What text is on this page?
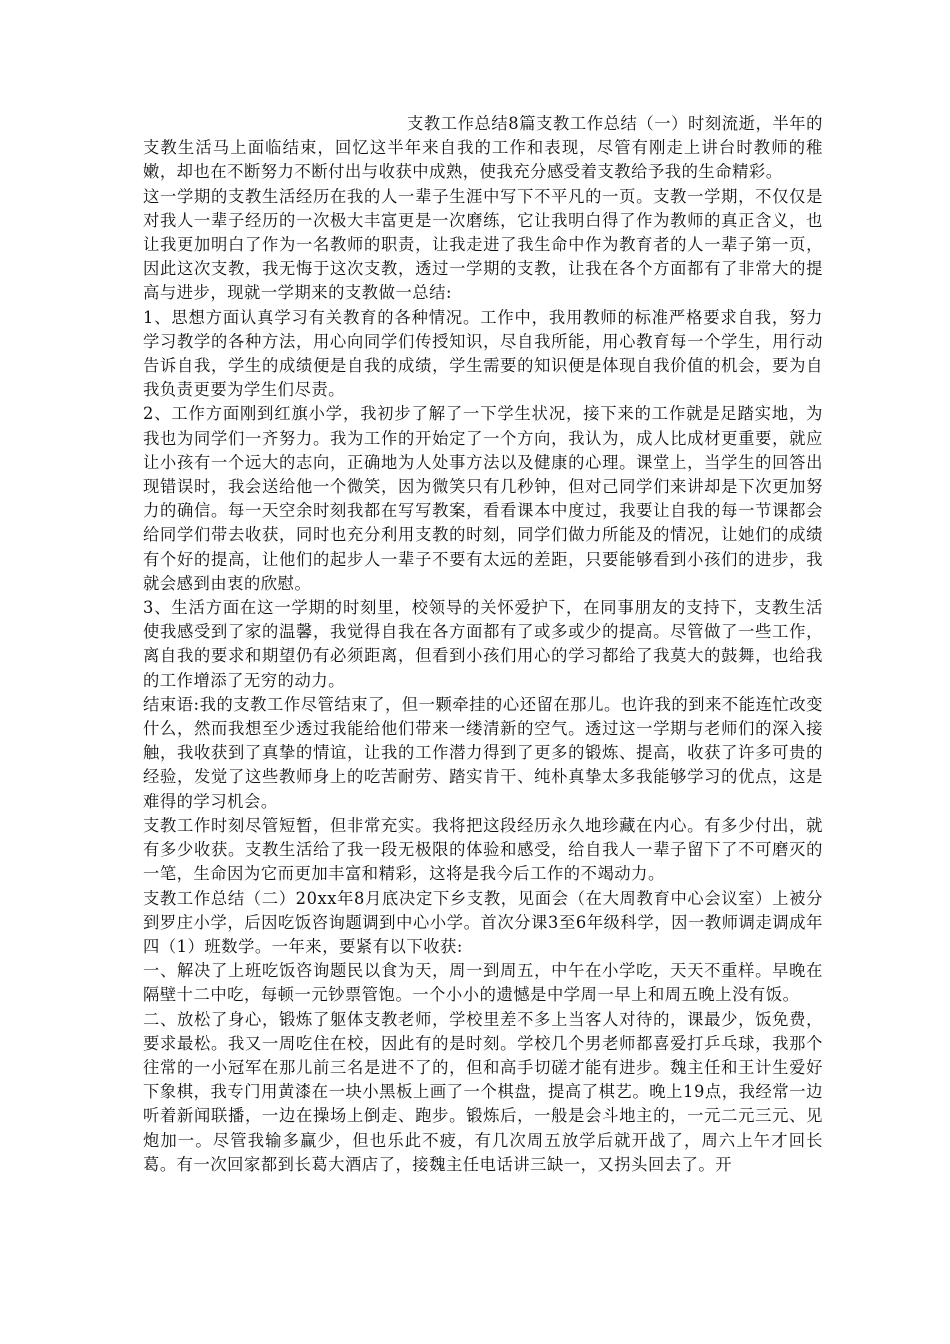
支教工作总结8篇支教工作总结（一）时刻流逝，半年的支教生活马上面临结束，回忆这半年来自我的工作和表现，尽管有刚走上讲台时教师的稚嫩，却也在不断努力不断付出与收获中成熟，使我充分感受着支教给予我的生命精彩。

这一学期的支教生活经历在我的人一辈子生涯中写下不平凡的一页。支教一学期，不仅仅是对我人一辈子经历的一次极大丰富更是一次磨练，它让我明白得了作为教师的真正含义，也让我更加明白了作为一名教师的职责，让我走进了我生命中作为教育者的人一辈子第一页，因此这次支教，我无悔于这次支教，透过一学期的支教，让我在各个方面都有了非常大的提高与进步，现就一学期来的支教做一总结:

1、思想方面认真学习有关教育的各种情况。工作中，我用教师的标准严格要求自我，努力学习教学的各种方法，用心向同学们传授知识，尽自我所能，用心教育每一个学生，用行动告诉自我，学生的成绩便是自我的成绩，学生需要的知识便是体现自我价值的机会，要为自我负责更要为学生们尽责。

2、工作方面刚到红旗小学，我初步了解了一下学生状况，接下来的工作就是足踏实地，为我也为同学们一齐努力。我为工作的开始定了一个方向，我认为，成人比成材更重要，就应让小孩有一个远大的志向，正确地为人处事方法以及健康的心理。课堂上，当学生的回答出现错误时，我会送给他一个微笑，因为微笑只有几秒钟，但对己同学们来讲却是下次更加努力的确信。每一天空余时刻我都在写写教案，看看课本中度过，我要让自我的每一节课都会给同学们带去收获，同时也充分利用支教的时刻，同学们做力所能及的情况，让她们的成绩有个好的提高，让他们的起步人一辈子不要有太远的差距，只要能够看到小孩们的进步，我就会感到由衷的欣慰。

3、生活方面在这一学期的时刻里，校领导的关怀爱护下，在同事朋友的支持下，支教生活使我感受到了家的温馨，我觉得自我在各方面都有了或多或少的提高。尽管做了一些工作，离自我的要求和期望仍有必须距离，但看到小孩们用心的学习都给了我莫大的鼓舞，也给我的工作增添了无穷的动力。

结束语:我的支教工作尽管结束了，但一颗牵挂的心还留在那儿。也许我的到来不能连忙改变什么，然而我想至少透过我能给他们带来一缕清新的空气。透过这一学期与老师们的深入接触，我收获到了真挚的情谊，让我的工作潜力得到了更多的锻炼、提高，收获了许多可贵的经验，发觉了这些教师身上的吃苦耐劳、踏实肯干、纯朴真挚太多我能够学习的优点，这是难得的学习机会。

支教工作时刻尽管短暂，但非常充实。我将把这段经历永久地珍藏在内心。有多少付出，就有多少收获。支教生活给了我一段无极限的体验和感受，给自我人一辈子留下了不可磨灭的一笔，生命因为它而更加丰富和精彩，这将是我今后工作的不竭动力。

支教工作总结（二）20xx年8月底决定下乡支教，见面会（在大周教育中心会议室）上被分到罗庄小学，后因吃饭咨询题调到中心小学。首次分课3至6年级科学，因一教师调走调成年四（1）班数学。一年来，要紧有以下收获:

一、解决了上班吃饭咨询题民以食为天，周一到周五，中午在小学吃，天天不重样。早晚在隔壁十二中吃，每顿一元钞票管饱。一个小小的遗憾是中学周一早上和周五晚上没有饭。

二、放松了身心，锻炼了躯体支教老师，学校里差不多上当客人对待的，课最少，饭免费，要求最松。我又一周吃住在校，因此有的是时刻。学校几个男老师都喜爱打乒乓球，我那个往常的一小冠军在那儿前三名是进不了的，但和高手切磋才能有进步。魏主任和王计生爱好下象棋，我专门用黄漆在一块小黑板上画了一个棋盘，提高了棋艺。晚上19点，我经常一边听着新闻联播，一边在操场上倒走、跑步。锻炼后，一般是会斗地主的，一元二元三元、见炮加一。尽管我输多赢少，但也乐此不疲，有几次周五放学后就开战了，周六上午才回长葛。有一次回家都到长葛大酒店了，接魏主任电话讲三缺一，又拐头回去了。开
